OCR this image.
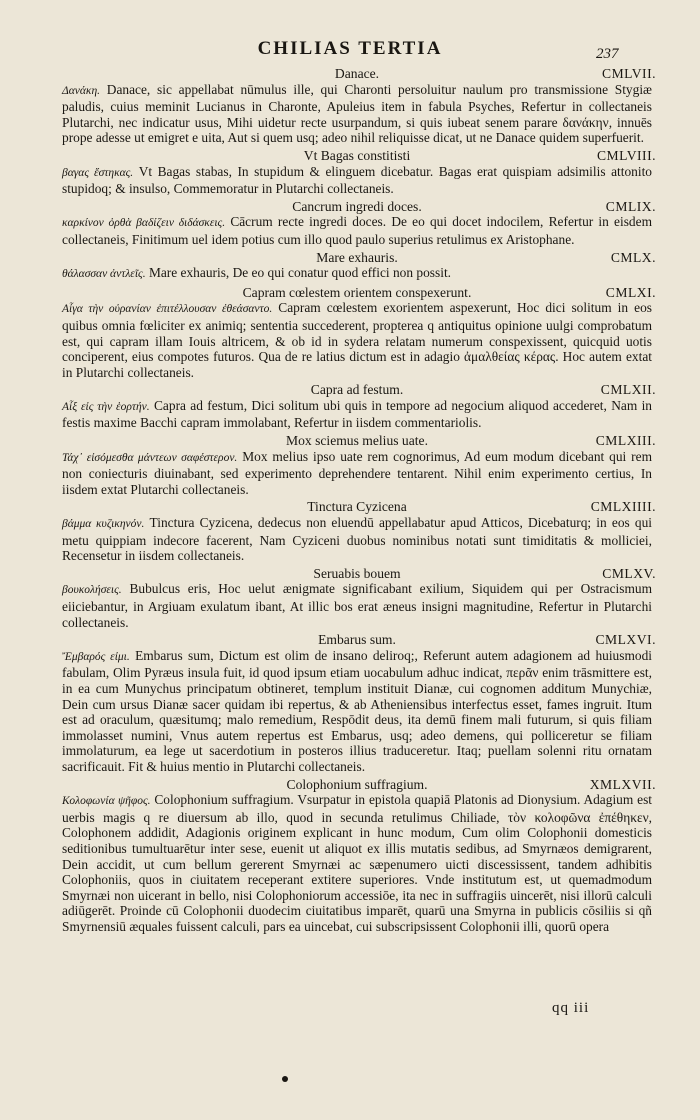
CHILIAS TERTIA	237
Danace.	CMLVII.

Δανάκη. Danace, sic appellabat nūmulus ille, qui Charonti persoluitur naulum pro transmissione Stygiæ paludis, cuius meminit Lucianus in Charonte, Apuleius item in fabula Psyches, Refertur in collectaneis Plutarchi, nec indicatur usus, Mihi uidetur recte usurpandum, si quis iubeat senem parare δανάκην, innuēs prope adesse ut emigret e uita, Aut si quem usq; adeo nihil reliquisse dicat, ut ne Danace quidem superfuerit.

Vt Bagas constitisti	CMLVIII.

βαγας ἔστηκας. Vt Bagas stabas, In stupidum & elinguem dicebatur. Bagas erat quispiam adsimilis attonito stupidoq; & insulso, Commemoratur in Plutarchi collectaneis.

Cancrum ingredi doces.	CMLIX.

καρκίνον ὀρθὰ βαδίζειν διδάσκεις. Cācrum recte ingredi doces. De eo qui docet indocilem, Refertur in eisdem collectaneis, Finitimum uel idem potius cum illo quod paulo superius retulimus ex Aristophane.

Mare exhauris.	CMLX.

θάλασσαν ἀντλεῖς. Mare exhauris, De eo qui conatur quod effici non possit.

Capram cœlestem orientem conspexerunt.	CMLXI.

Αἶγα τὴν οὐρανίαν ἐπιτέλλουσαν ἐθεάσαντο. Capram cœlestem exorientem aspexerunt, Hoc dici solitum in eos quibus omnia fœliciter ex animiq; sententia succederent, propterea q antiquitus opinione uulgi comprobatum est, qui capram illam Iouis altricem, & ob id in sydera relatam numerum conspexissent, quicquid uotis conciperent, eius compotes futuros. Qua de re latius dictum est in adagio ἀμαλθείας κέρας. Hoc autem extat in Plutarchi collectaneis.

Capra ad festum.	CMLXII.

Αἶξ εἰς τὴν ἑορτήν. Capra ad festum, Dici solitum ubi quis in tempore ad negocium aliquod accederet, Nam in festis maxime Bacchi capram immolabant, Refertur in iisdem commentariolis.

Mox sciemus melius uate.	CMLXIII.

Τάχ᾽ εἰσόμεσθα μάντεων σαφέστερον. Mox melius ipso uate rem cognorimus, Ad eum modum dicebant qui rem non coniecturis diuinabant, sed experimento deprehendere tentarent. Nihil enim experimento certius, In iisdem extat Plutarchi collectaneis.

Tinctura Cyzicena	CMLXIIII.

βάμμα κυζικηνόν. Tinctura Cyzicena, dedecus non eluendū appellabatur apud Atticos, Dicebaturq; in eos qui metu quippiam indecore facerent, Nam Cyziceni duobus nominibus notati sunt timiditatis & molliciei, Recensetur in iisdem collectaneis.

Seruabis bouem	CMLXV.

βουκολήσεις. Bubulcus eris, Hoc uelut ænigmate significabant exilium, Siquidem qui per Ostracismum eiiciebantur, in Argiuam exulatum ibant, At illic bos erat æneus insigni magnitudine, Refertur in Plutarchi collectaneis.

Embarus sum.	CMLXVI.

Ἔμβαρός εἰμι. Embarus sum, Dictum est olim de insano deliroq;, Referunt autem adagionem ad huiusmodi fabulam, Olim Pyræus insula fuit, id quod ipsum etiam uocabulum adhuc indicat, περᾶν enim trāsmittere est, in ea cum Munychus principatum obtineret, templum instituit Dianæ, cui cognomen additum Munychiæ, Dein cum ursus Dianæ sacer quidam ibi repertus, & ab Atheniensibus interfectus esset, fames ingruit. Itum est ad oraculum, quæsitumq; malo remedium, Respōdit deus, ita demū finem mali futurum, si quis filiam immolasset numini, Vnus autem repertus est Embarus, usq; adeo demens, qui polliceretur se filiam immolaturum, ea lege ut sacerdotium in posteros illius traduceretur. Itaq; puellam solenni ritu ornatam sacrificauit. Fit & huius mentio in Plutarchi collectaneis.

Colophonium suffragium.	XMLXVII.

Κολοφωνία ψῆφος. Colophonium suffragium. Vsurpatur in epistola quapiā Platonis ad Dionysium. Adagium est uerbis magis q re diuersum ab illo, quod in secunda retulimus Chiliade, τὸν κολοφῶνα ἐπέθηκεν, Colophonem addidit, Adagionis originem explicant in hunc modum, Cum olim Colophonii domesticis seditionibus tumultuarētur inter sese, euenit ut aliquot ex illis mutatis sedibus, ad Smyrnæos demigrarent, Dein accidit, ut cum bellum gererent Smyrnæi ac sæpenumero uicti discessissent, tandem adhibitis Colophoniis, quos in ciuitatem receperant extitere superiores. Vnde institutum est, ut quemadmodum Smyrnæi non uicerant in bello, nisi Colophoniorum accessiōe, ita nec in suffragiis uincerēt, nisi illorū calculi adiūgerēt. Proinde cū Colophonii duodecim ciuitatibus imparēt, quarū una Smyrna in publicis cōsiliis si qñ Smyrnensiū æquales fuissent calculi, pars ea uincebat, cui subscripsissent Colophonii illi, quorū opera

qq iii
